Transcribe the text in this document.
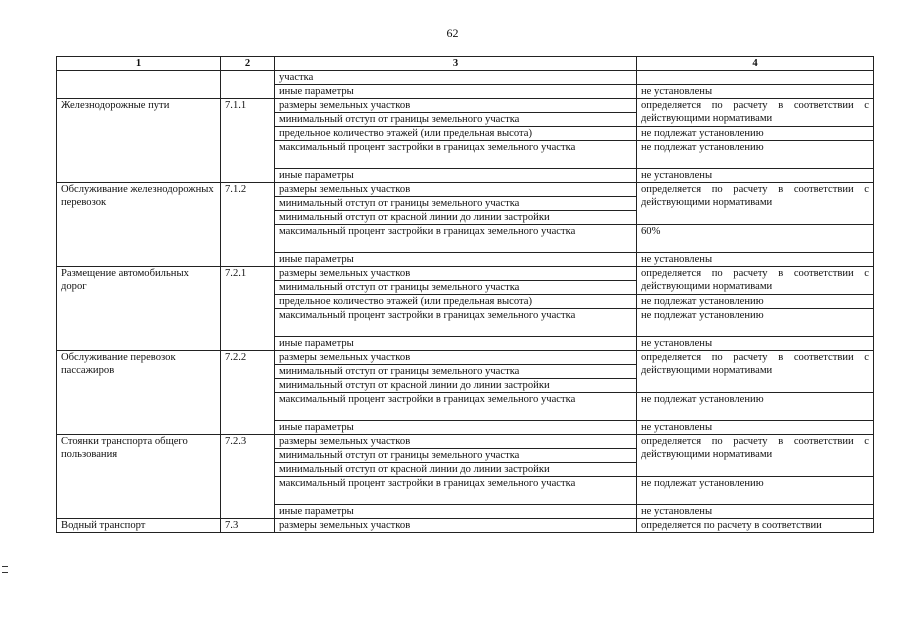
62
1	2	3	4
		участка	
		иные параметры	не установлены
Железнодорожные пути	7.1.1	размеры земельных участков	определяется по расчету в соответствии с действующими нормативами
		минимальный отступ от границы земельного участка	
		предельное количество этажей (или предельная высота)	не подлежат установлению
		максимальный процент застройки в границах земельного участка	не подлежат установлению
		иные параметры	не установлены
Обслуживание железнодорожных перевозок	7.1.2	размеры земельных участков	определяется по расчету в соответствии с действующими нормативами
		минимальный отступ от границы земельного участка	
		минимальный отступ от красной линии до линии застройки	
		максимальный процент застройки в границах земельного участка	60%
		иные параметры	не установлены
Размещение автомобильных дорог	7.2.1	размеры земельных участков	определяется по расчету в соответствии с действующими нормативами
		минимальный отступ от границы земельного участка	
		предельное количество этажей (или предельная высота)	не подлежат установлению
		максимальный процент застройки в границах земельного участка	не подлежат установлению
		иные параметры	не установлены
Обслуживание перевозок пассажиров	7.2.2	размеры земельных участков	определяется по расчету в соответствии с действующими нормативами
		минимальный отступ от границы земельного участка	
		минимальный отступ от красной линии до линии застройки	
		максимальный процент застройки в границах земельного участка	не подлежат установлению
		иные параметры	не установлены
Стоянки транспорта общего пользования	7.2.3	размеры земельных участков	определяется по расчету в соответствии с действующими нормативами
		минимальный отступ от границы земельного участка	
		минимальный отступ от красной линии до линии застройки	
		максимальный процент застройки в границах земельного участка	не подлежат установлению
		иные параметры	не установлены
Водный транспорт	7.3	размеры земельных участков	определяется по расчету в соответствии
